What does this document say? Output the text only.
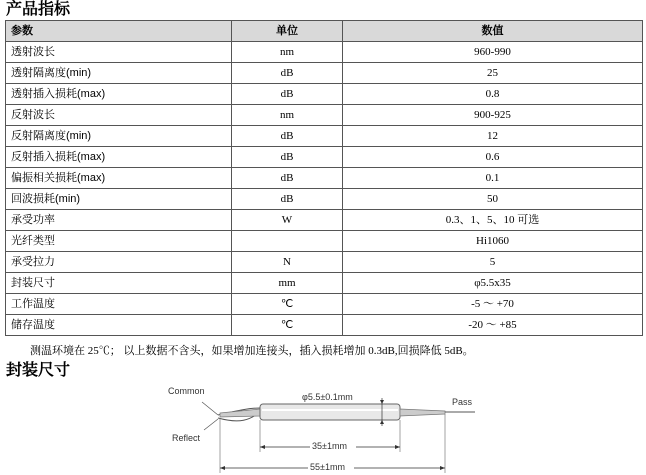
产品指标
参数	单位	数值
透射波长	nm	960-990
透射隔离度(min)	dB	25
透射插入损耗(max)	dB	0.8
反射波长	nm	900-925
反射隔离度(min)	dB	12
反射插入损耗(max)	dB	0.6
偏振相关损耗(max)	dB	0.1
回波损耗(min)	dB	50
承受功率	W	0.3、1、5、10 可选
光纤类型		Hi1060
承受拉力	N	5
封装尺寸	mm	φ5.5x35
工作温度	℃	-5 ～ +70
储存温度	℃	-20 ～ +85
测温环境在 25℃； 以上数据不含头，如果增加连接头，插入损耗增加 0.3dB,回损降低 5dB。
封装尺寸
Common
Reflect
Pass
φ5.5±0.1mm
35±1mm
55±1mm
